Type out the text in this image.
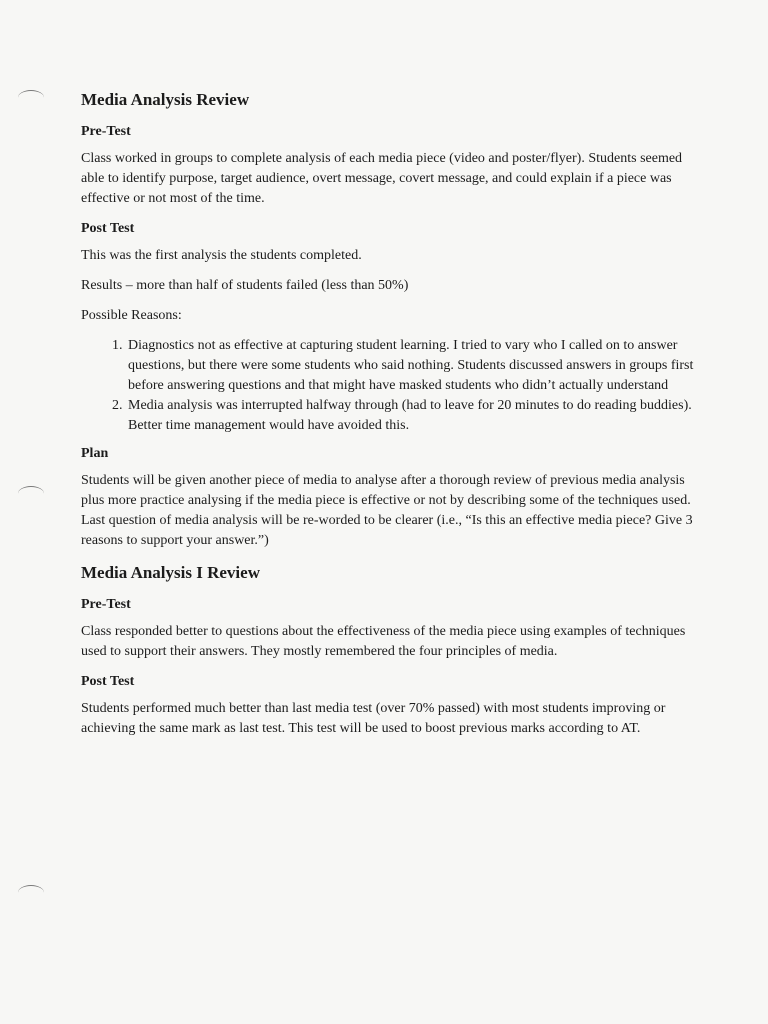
Media Analysis Review
Pre-Test

Class worked in groups to complete analysis of each media piece (video and poster/flyer). Students seemed able to identify purpose, target audience, overt message, covert message, and could explain if a piece was effective or not most of the time.

Post Test

This was the first analysis the students completed.

Results – more than half of students failed (less than 50%)

Possible Reasons:

1. Diagnostics not as effective at capturing student learning. I tried to vary who I called on to answer questions, but there were some students who said nothing. Students discussed answers in groups first before answering questions and that might have masked students who didn’t actually understand
2. Media analysis was interrupted halfway through (had to leave for 20 minutes to do reading buddies). Better time management would have avoided this.
Plan

Students will be given another piece of media to analyse after a thorough review of previous media analysis plus more practice analysing if the media piece is effective or not by describing some of the techniques used. Last question of media analysis will be re-worded to be clearer (i.e., “Is this an effective media piece? Give 3 reasons to support your answer.”)

Media Analysis I Review
Pre-Test

Class responded better to questions about the effectiveness of the media piece using examples of techniques used to support their answers. They mostly remembered the four principles of media.

Post Test

Students performed much better than last media test (over 70% passed) with most students improving or achieving the same mark as last test. This test will be used to boost previous marks according to AT.
